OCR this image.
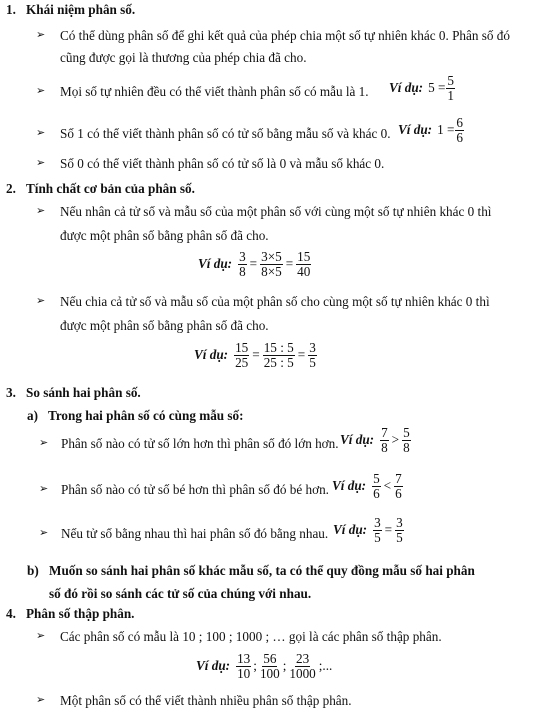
1. Khái niệm phân số.
➢ Có thể dùng phân số để ghi kết quả của phép chia một số tự nhiên khác 0. Phân số đó
cũng được gọi là thương của phép chia đã cho.
➢ Mọi số tự nhiên đều có thể viết thành phân số có mẫu là 1. Ví dụ: $5 = \frac{5}{1}$
➢ Số 1 có thể viết thành phân số có tử số bằng mẫu số và khác 0. Ví dụ: $1 = \frac{6}{6}$
➢ Số 0 có thể viết thành phân số có tử số là 0 và mẫu số khác 0.
2. Tính chất cơ bản của phân số.
➢ Nếu nhân cả tử số và mẫu số của một phân số với cùng một số tự nhiên khác 0 thì
được một phân số bằng phân số đã cho.
Ví dụ: $\frac{3}{8} = \frac{3\times 5}{8\times 5} = \frac{15}{40}$
➢ Nếu chia cả tử số và mẫu số của một phân số cho cùng một số tự nhiên khác 0 thì
được một phân số bằng phân số đã cho.
Ví dụ: $\frac{15}{25} = \frac{15 : 5}{25 : 5} = \frac{3}{5}$
3. So sánh hai phân số.
a) Trong hai phân số có cùng mẫu số:
➢ Phân số nào có tử số lớn hơn thì phân số đó lớn hơn. Ví dụ: $\frac{7}{8} > \frac{5}{8}$
➢ Phân số nào có tử số bé hơn thì phân số đó bé hơn. Ví dụ: $\frac{5}{6} < \frac{7}{6}$
➢ Nếu tử số bằng nhau thì hai phân số đó bằng nhau. Ví dụ: $\frac{3}{5} = \frac{3}{5}$
b) Muốn so sánh hai phân số khác mẫu số, ta có thể quy đồng mẫu số hai phân
số đó rồi so sánh các tử số của chúng với nhau.
4. Phân số thập phân.
➢ Các phân số có mẫu là 10 ; 100 ; 1000 ; … gọi là các phân số thập phân.
Ví dụ: $\frac{13}{10}$ ; $\frac{56}{100}$ ; $\frac{23}{1000}$ ;...
➢ Một phân số có thể viết thành nhiều phân số thập phân.
